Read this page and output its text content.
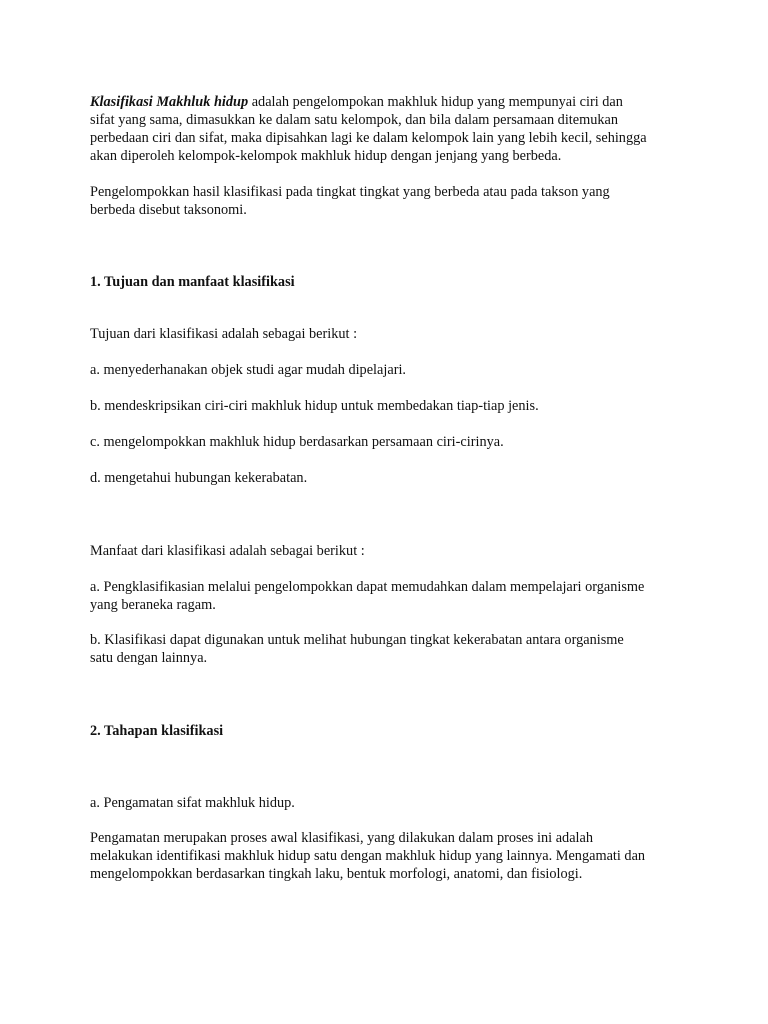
Klasifikasi Makhluk hidup adalah pengelompokan makhluk hidup yang mempunyai ciri dan
sifat yang sama, dimasukkan ke dalam satu kelompok, dan bila dalam persamaan ditemukan
perbedaan ciri dan sifat, maka dipisahkan lagi ke dalam kelompok lain yang lebih kecil, sehingga
akan diperoleh kelompok-kelompok makhluk hidup dengan jenjang yang berbeda.

Pengelompokkan hasil klasifikasi pada tingkat tingkat yang berbeda atau pada takson yang
berbeda disebut taksonomi.

1. Tujuan dan manfaat klasifikasi

Tujuan dari klasifikasi adalah sebagai berikut :

a. menyederhanakan objek studi agar mudah dipelajari.

b. mendeskripsikan ciri-ciri makhluk hidup untuk membedakan tiap-tiap jenis.

c. mengelompokkan makhluk hidup berdasarkan persamaan ciri-cirinya.

d. mengetahui hubungan kekerabatan.

Manfaat dari klasifikasi adalah sebagai berikut :

a. Pengklasifikasian melalui pengelompokkan dapat memudahkan dalam mempelajari organisme
yang beraneka ragam.

b. Klasifikasi dapat digunakan untuk melihat hubungan tingkat kekerabatan antara organisme
satu dengan lainnya.

2. Tahapan klasifikasi

a. Pengamatan sifat makhluk hidup.

Pengamatan merupakan proses awal klasifikasi, yang dilakukan dalam proses ini adalah
melakukan identifikasi makhluk hidup satu dengan makhluk hidup yang lainnya. Mengamati dan
mengelompokkan berdasarkan tingkah laku, bentuk morfologi, anatomi, dan fisiologi.
